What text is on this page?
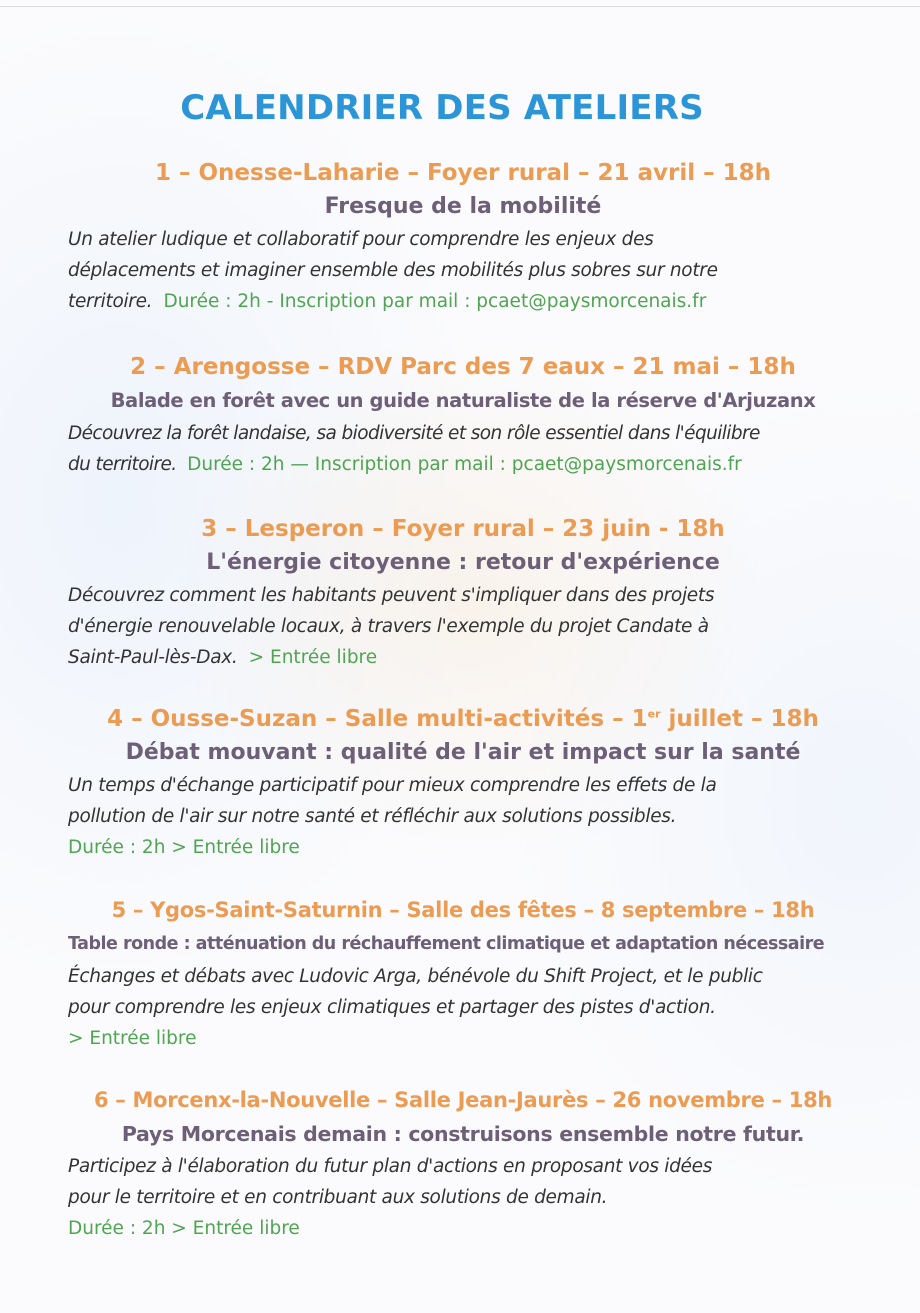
CALENDRIER DES ATELIERS
1 – Onesse-Laharie – Foyer rural – 21 avril – 18h
Fresque de la mobilité
Un atelier ludique et collaboratif pour comprendre les enjeux des
déplacements et imaginer ensemble des mobilités plus sobres sur notre
territoire. Durée : 2h - Inscription par mail : pcaet@paysmorcenais.fr
2 – Arengosse – RDV Parc des 7 eaux – 21 mai – 18h
Balade en forêt avec un guide naturaliste de la réserve d'Arjuzanx
Découvrez la forêt landaise, sa biodiversité et son rôle essentiel dans l'équilibre
du territoire. Durée : 2h — Inscription par mail : pcaet@paysmorcenais.fr
3 – Lesperon – Foyer rural – 23 juin - 18h
L'énergie citoyenne : retour d'expérience
Découvrez comment les habitants peuvent s'impliquer dans des projets
d'énergie renouvelable locaux, à travers l'exemple du projet Candate à
Saint-Paul-lès-Dax. > Entrée libre
4 – Ousse-Suzan – Salle multi-activités – 1er juillet – 18h
Débat mouvant : qualité de l'air et impact sur la santé
Un temps d'échange participatif pour mieux comprendre les effets de la
pollution de l'air sur notre santé et réfléchir aux solutions possibles.
Durée : 2h > Entrée libre
5 – Ygos-Saint-Saturnin – Salle des fêtes – 8 septembre – 18h
Table ronde : atténuation du réchauffement climatique et adaptation nécessaire
Échanges et débats avec Ludovic Arga, bénévole du Shift Project, et le public
pour comprendre les enjeux climatiques et partager des pistes d'action.
> Entrée libre
6 – Morcenx-la-Nouvelle – Salle Jean-Jaurès – 26 novembre – 18h
Pays Morcenais demain : construisons ensemble notre futur.
Participez à l'élaboration du futur plan d'actions en proposant vos idées
pour le territoire et en contribuant aux solutions de demain.
Durée : 2h > Entrée libre
